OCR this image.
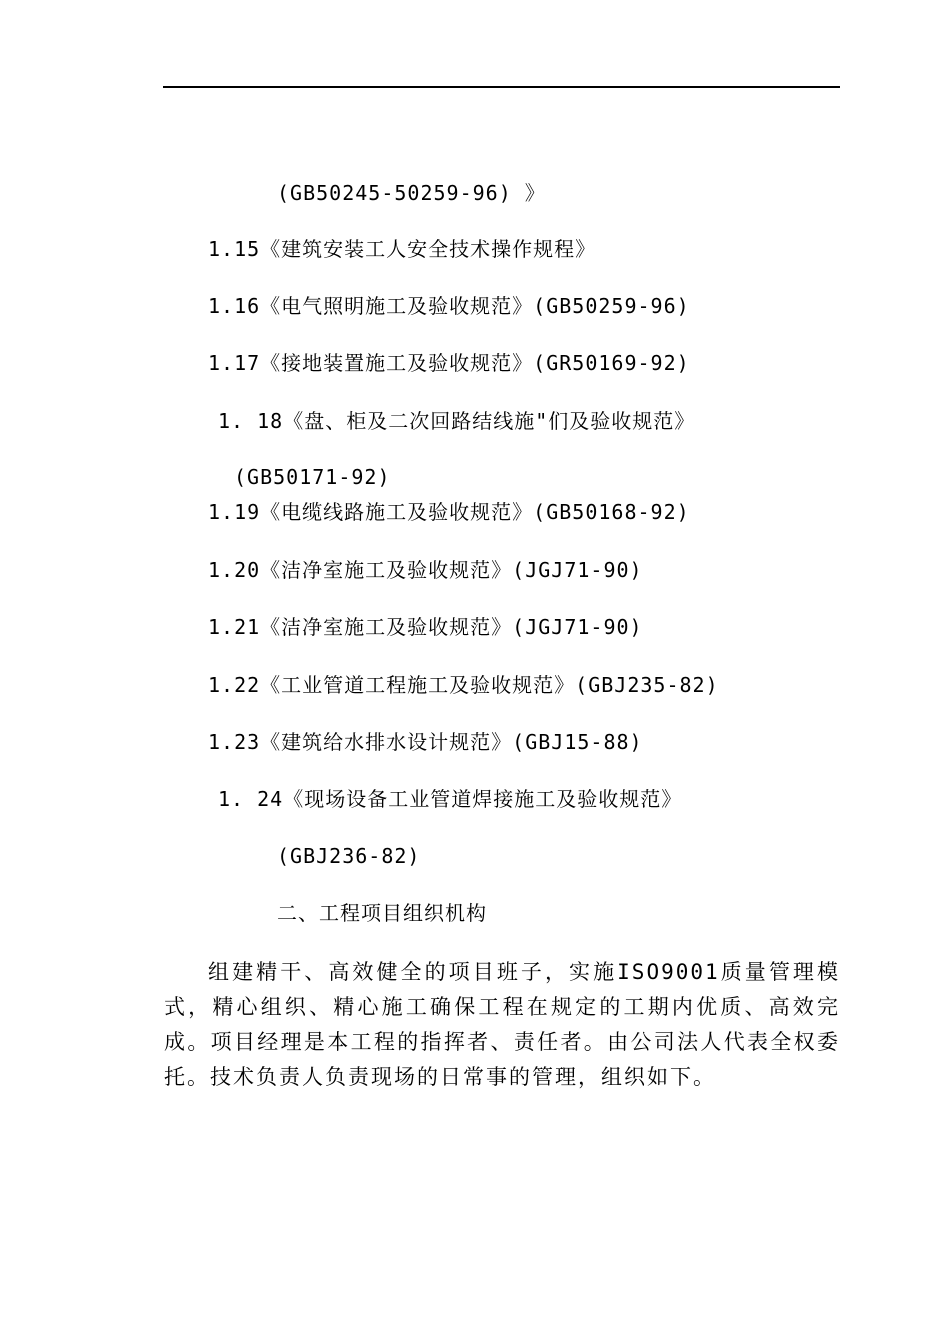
(GB50245-50259-96) 》
1.15《建筑安装工人安全技术操作规程》
1.16《电气照明施工及验收规范》(GB50259-96)
1.17《接地装置施工及验收规范》(GR50169-92)
1. 18《盘、柜及二次回路结线施"们及验收规范》
(GB50171-92)
1.19《电缆线路施工及验收规范》(GB50168-92)
1.20《洁净室施工及验收规范》(JGJ71-90)
1.21《洁净室施工及验收规范》(JGJ71-90)
1.22《工业管道工程施工及验收规范》(GBJ235-82)
1.23《建筑给水排水设计规范》(GBJ15-88)
1. 24《现场设备工业管道焊接施工及验收规范》
(GBJ236-82)
二、工程项目组织机构
组建精干、高效健全的项目班子，实施ISO9001质量管理模式，精心组织、精心施工确保工程在规定的工期内优质、高效完成。项目经理是本工程的指挥者、责任者。由公司法人代表全权委托。技术负责人负责现场的日常事的管理，组织如下。
